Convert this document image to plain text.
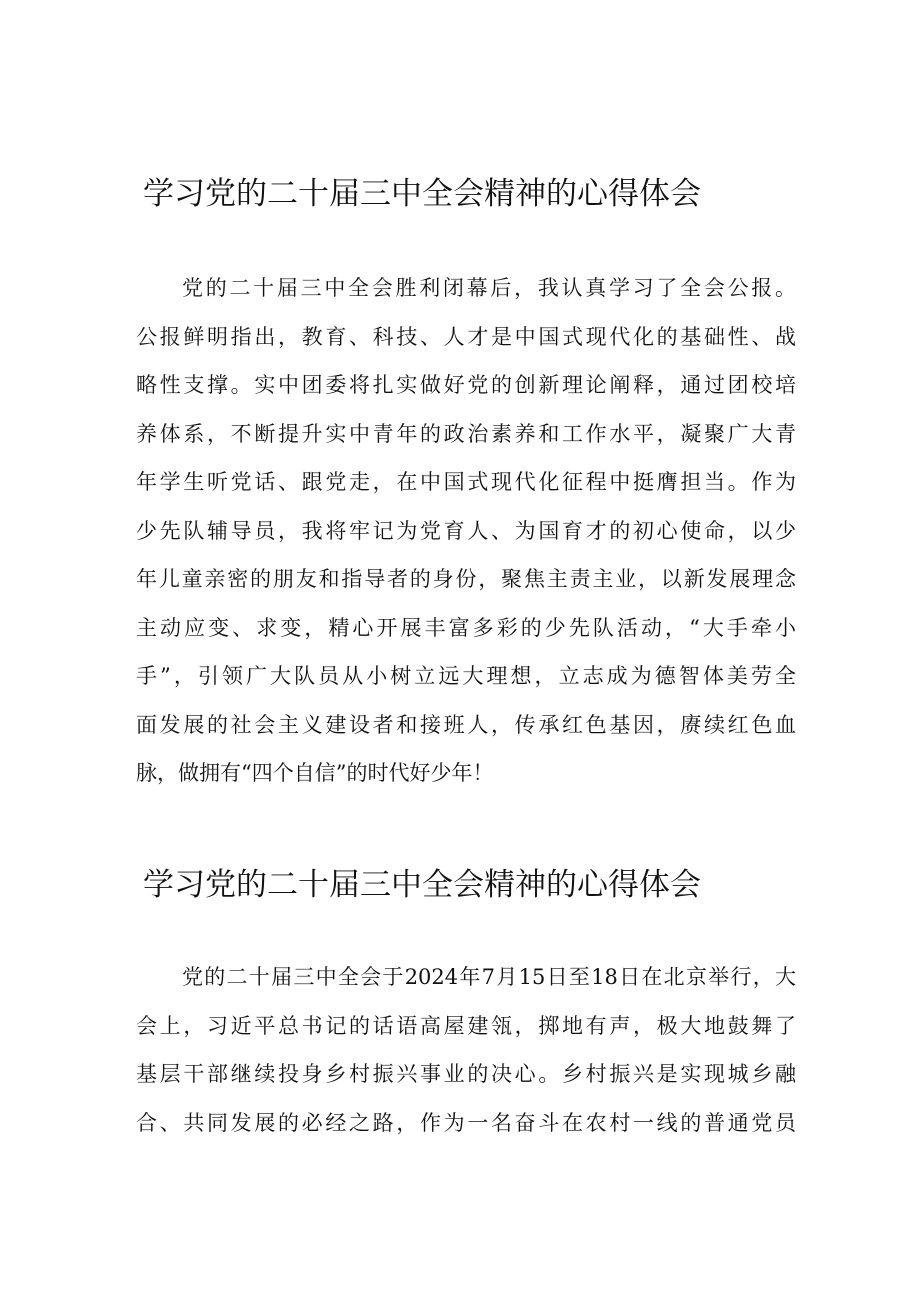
学习党的二十届三中全会精神的心得体会
党的二十届三中全会胜利闭幕后，我认真学习了全会公报。
公报鲜明指出，教育、科技、人才是中国式现代化的基础性、战
略性支撑。实中团委将扎实做好党的创新理论阐释，通过团校培
养体系，不断提升实中青年的政治素养和工作水平，凝聚广大青
年学生听党话、跟党走，在中国式现代化征程中挺膺担当。作为
少先队辅导员，我将牢记为党育人、为国育才的初心使命，以少
年儿童亲密的朋友和指导者的身份，聚焦主责主业，以新发展理念
主动应变、求变，精心开展丰富多彩的少先队活动，“大手牵小
手”，引领广大队员从小树立远大理想，立志成为德智体美劳全
面发展的社会主义建设者和接班人，传承红色基因，赓续红色血
脉，做拥有“四个自信”的时代好少年！
学习党的二十届三中全会精神的心得体会
党的二十届三中全会于2024年7月15日至18日在北京举行，大
会上，习近平总书记的话语高屋建瓴，掷地有声，极大地鼓舞了
基层干部继续投身乡村振兴事业的决心。乡村振兴是实现城乡融
合、共同发展的必经之路，作为一名奋斗在农村一线的普通党员
